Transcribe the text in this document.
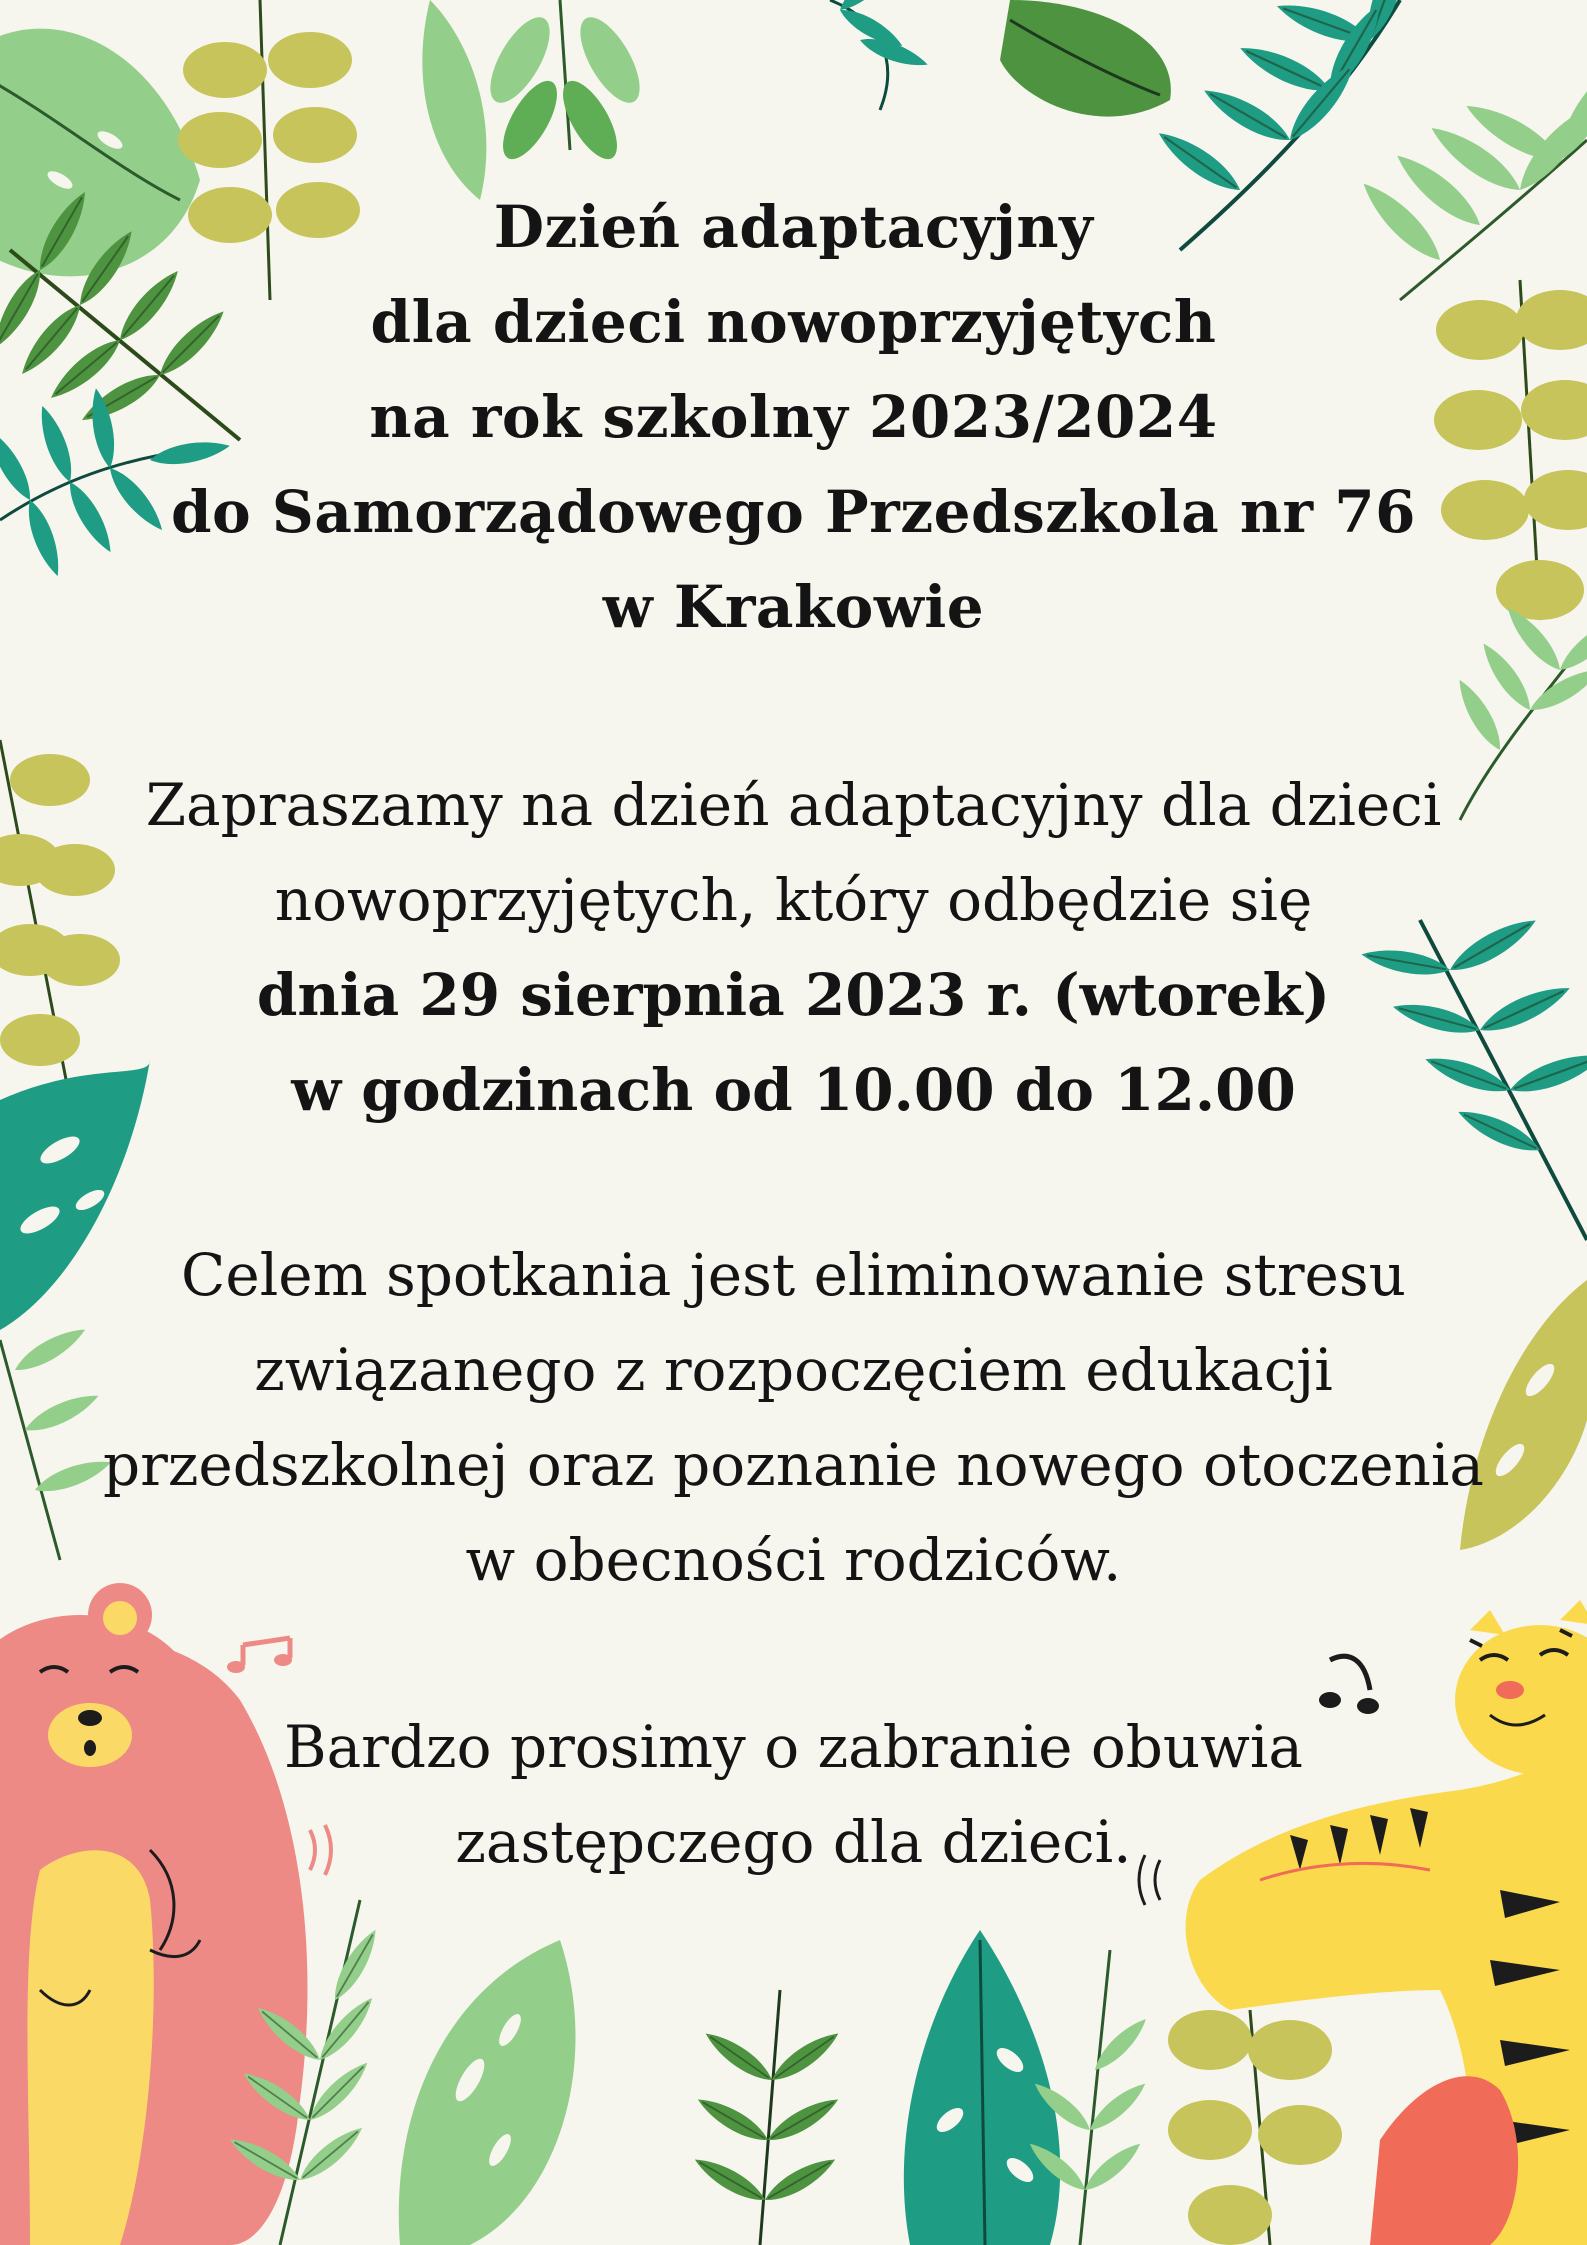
Dzień adaptacyjny
dla dzieci nowoprzyjętych
na rok szkolny 2023/2024
do Samorządowego Przedszkola nr 76
w Krakowie
Zapraszamy na dzień adaptacyjny dla dzieci
nowoprzyjętych, który odbędzie się
dnia 29 sierpnia 2023 r. (wtorek)
w godzinach od 10.00 do 12.00
Celem spotkania jest eliminowanie stresu
związanego z rozpoczęciem edukacji
przedszkolnej oraz poznanie nowego otoczenia
w obecności rodziców.
Bardzo prosimy o zabranie obuwia
zastępczego dla dzieci.
